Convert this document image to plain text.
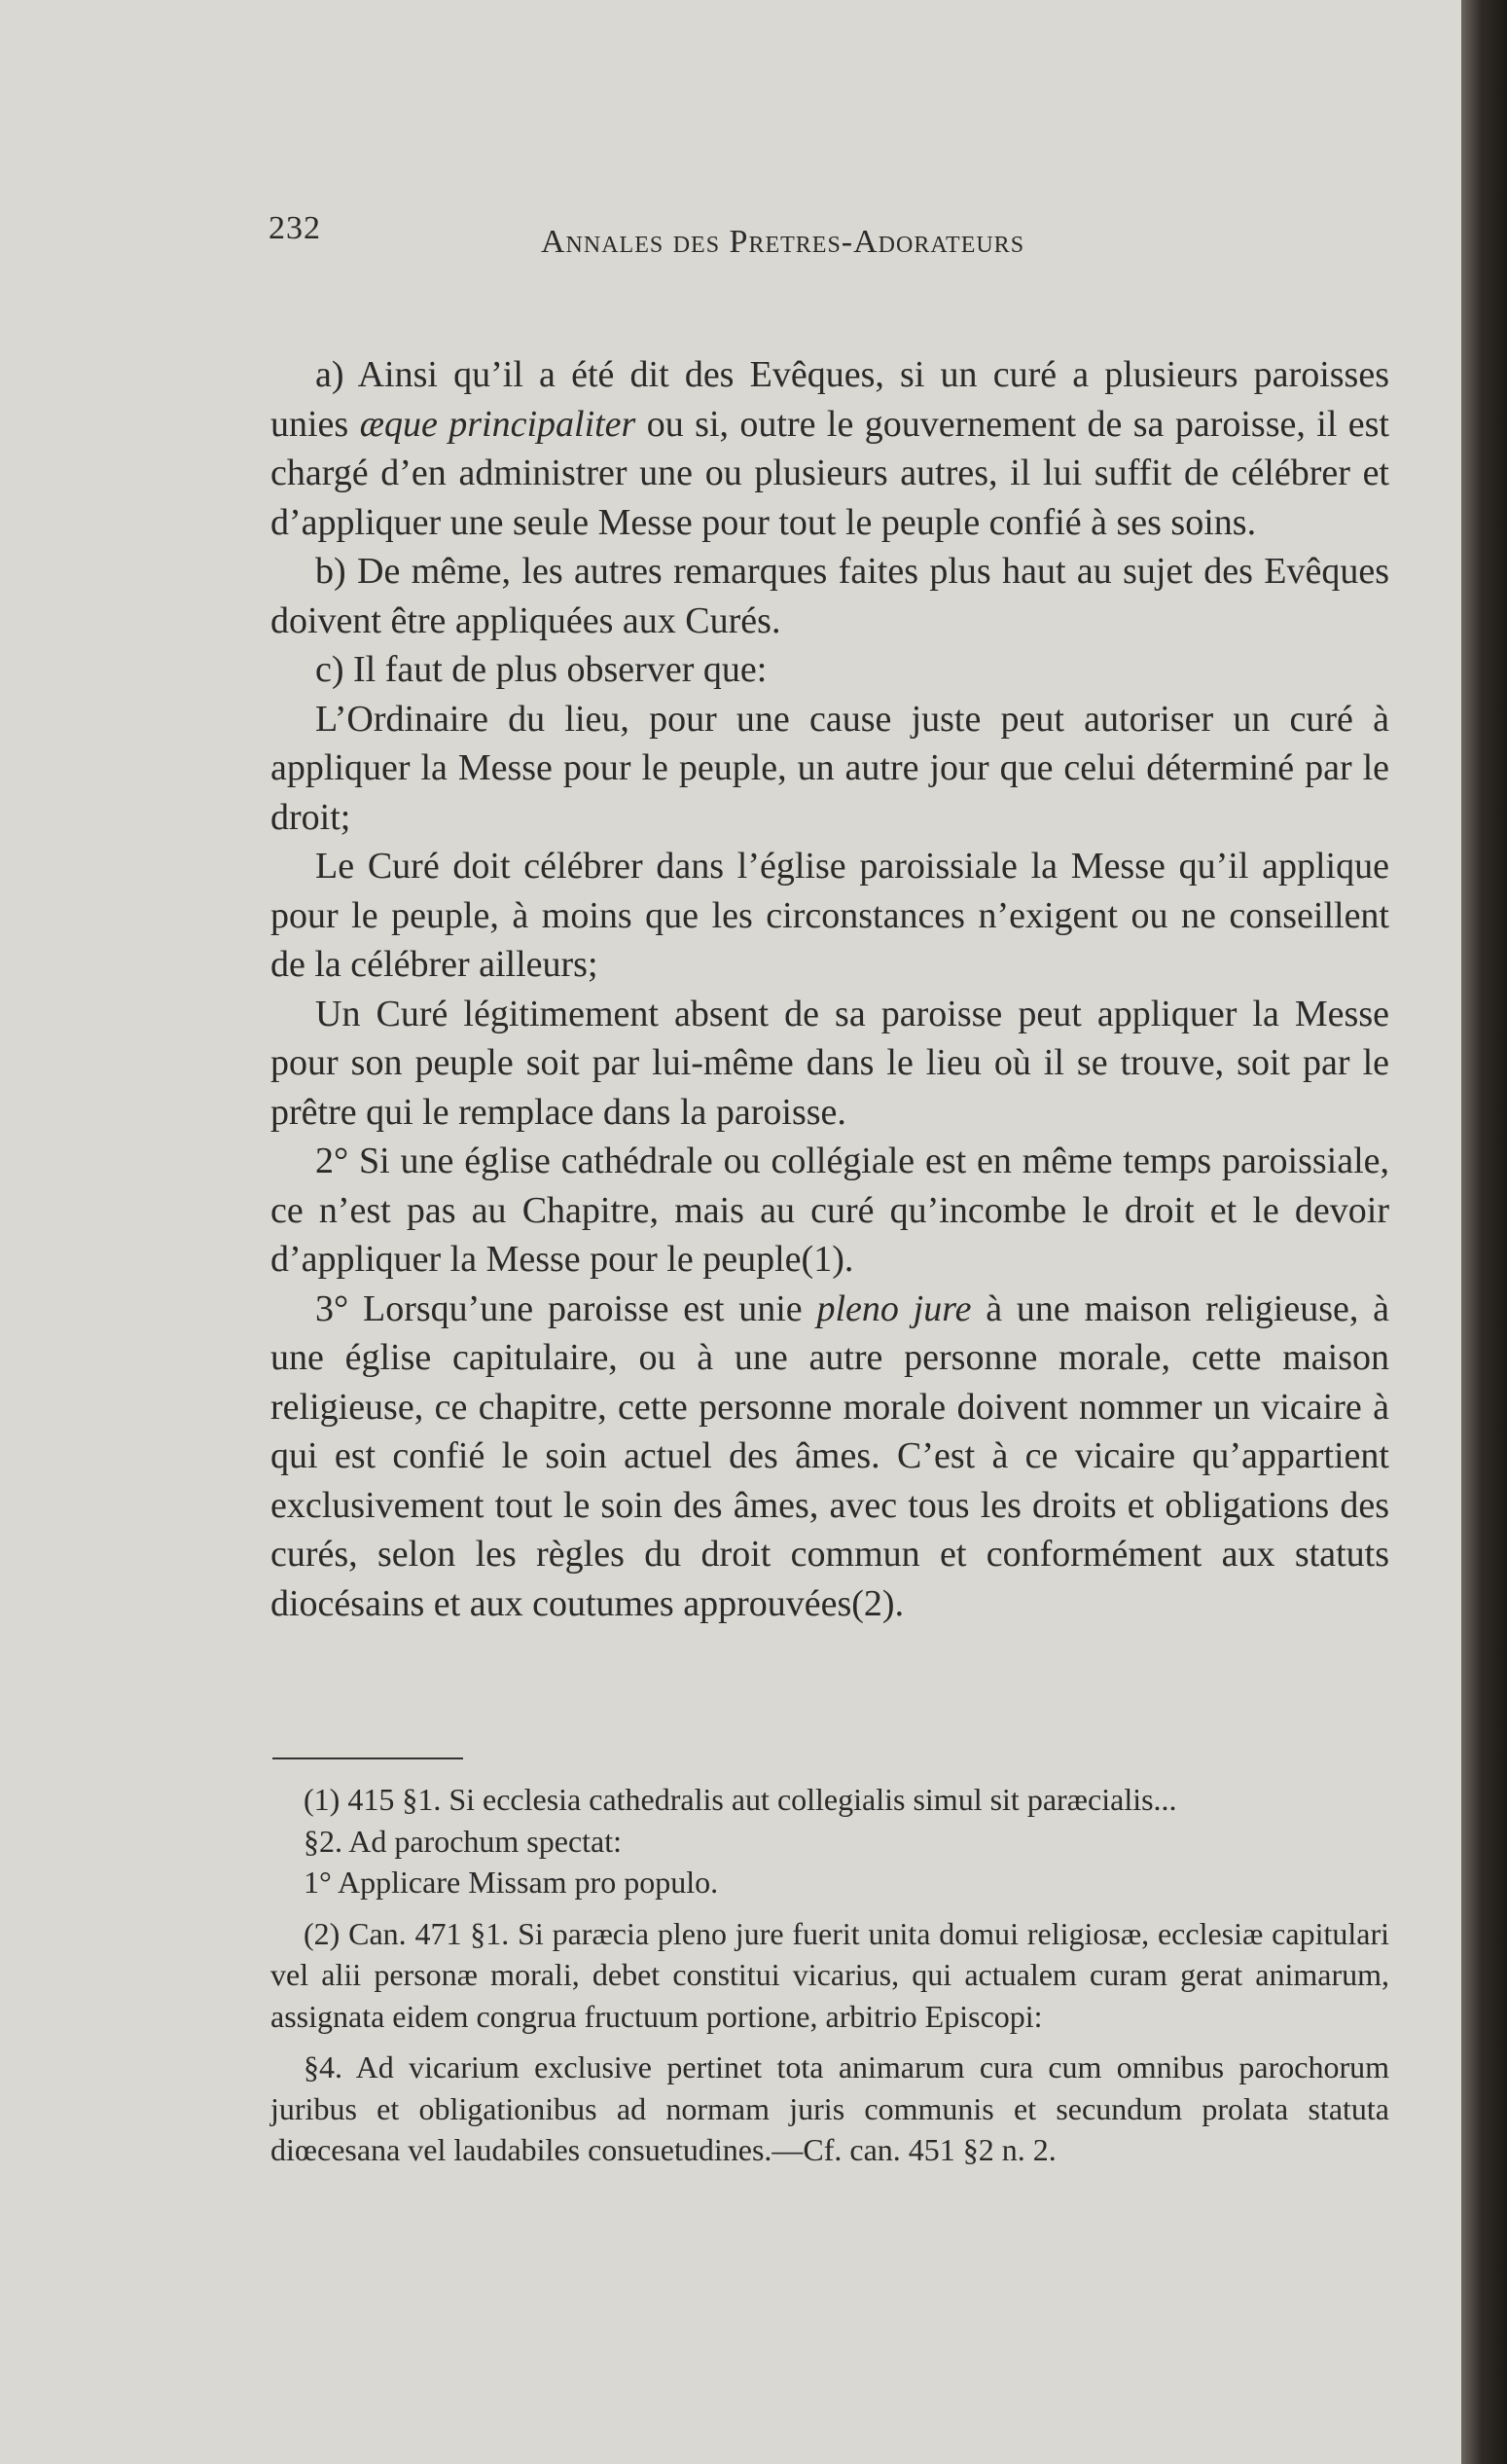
232	Annales des Pretres-Adorateurs

a) Ainsi qu’il a été dit des Evêques, si un curé a plusieurs paroisses unies æque principaliter ou si, outre le gouvernement de sa paroisse, il est chargé d’en administrer une ou plusieurs autres, il lui suffit de célébrer et d’appliquer une seule Messe pour tout le peuple confié à ses soins.

b) De même, les autres remarques faites plus haut au sujet des Evêques doivent être appliquées aux Curés.

c) Il faut de plus observer que:

L’Ordinaire du lieu, pour une cause juste peut autoriser un curé à appliquer la Messe pour le peuple, un autre jour que celui déterminé par le droit;

Le Curé doit célébrer dans l’église paroissiale la Messe qu’il applique pour le peuple, à moins que les circonstances n’exigent ou ne conseillent de la célébrer ailleurs;

Un Curé légitimement absent de sa paroisse peut appliquer la Messe pour son peuple soit par lui-même dans le lieu où il se trouve, soit par le prêtre qui le remplace dans la paroisse.

2° Si une église cathédrale ou collégiale est en même temps paroissiale, ce n’est pas au Chapitre, mais au curé qu’incombe le droit et le devoir d’appliquer la Messe pour le peuple(1).

3° Lorsqu’une paroisse est unie pleno jure à une maison religieuse, à une église capitulaire, ou à une autre personne morale, cette maison religieuse, ce chapitre, cette personne morale doivent nommer un vicaire à qui est confié le soin actuel des âmes. C’est à ce vicaire qu’appartient exclusivement tout le soin des âmes, avec tous les droits et obligations des curés, selon les règles du droit commun et conformément aux statuts diocésains et aux coutumes approuvées(2).

(1) 415 §1. Si ecclesia cathedralis aut collegialis simul sit paræcialis...

§2. Ad parochum spectat:

1° Applicare Missam pro populo.

(2) Can. 471 §1. Si paræcia pleno jure fuerit unita domui religiosæ, ecclesiæ capitulari vel alii personæ morali, debet constitui vicarius, qui actualem curam gerat animarum, assignata eidem congrua fructuum portione, arbitrio Episcopi:

§4. Ad vicarium exclusive pertinet tota animarum cura cum omnibus parochorum juribus et obligationibus ad normam juris communis et secundum prolata statuta diœcesana vel laudabiles consuetudines.—Cf. can. 451 §2 n. 2.
